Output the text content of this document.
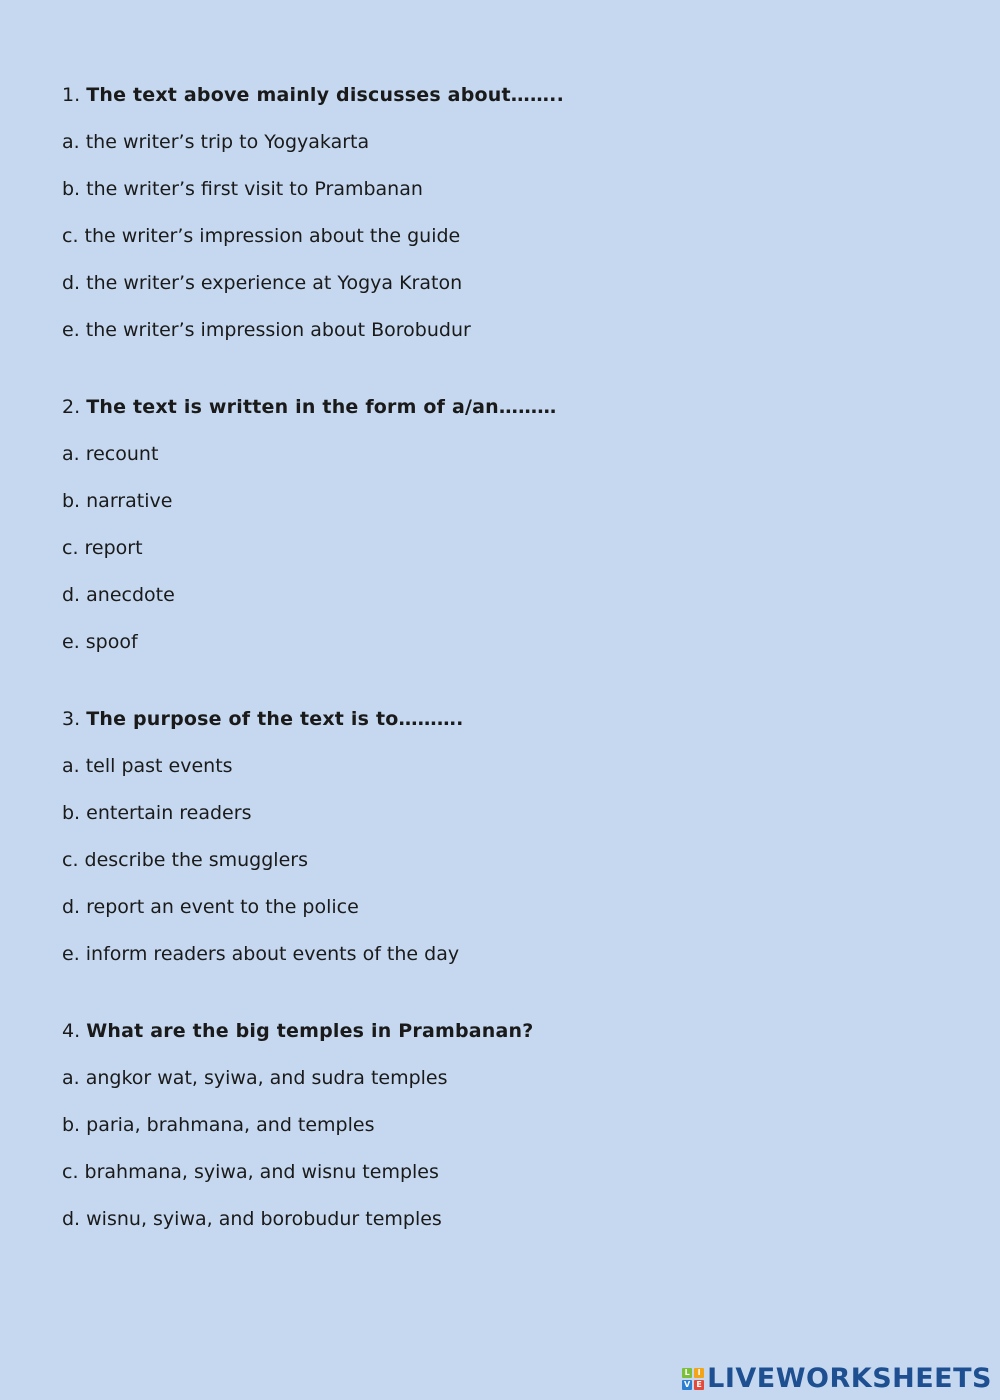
1. The text above mainly discusses about……..
a. the writer’s trip to Yogyakarta
b. the writer’s first visit to Prambanan
c. the writer’s impression about the guide
d. the writer’s experience at Yogya Kraton
e. the writer’s impression about Borobudur
2. The text is written in the form of a/an………
a. recount
b. narrative
c. report
d. anecdote
e. spoof
3. The purpose of the text is to……….
a. tell past events
b. entertain readers
c. describe the smugglers
d. report an event to the police
e. inform readers about events of the day
4. What are the big temples in Prambanan?
a. angkor wat, syiwa, and sudra temples
b. paria, brahmana, and temples
c. brahmana, syiwa, and wisnu temples
d. wisnu, syiwa, and borobudur temples
L I
V E LIVEWORKSHEETS
